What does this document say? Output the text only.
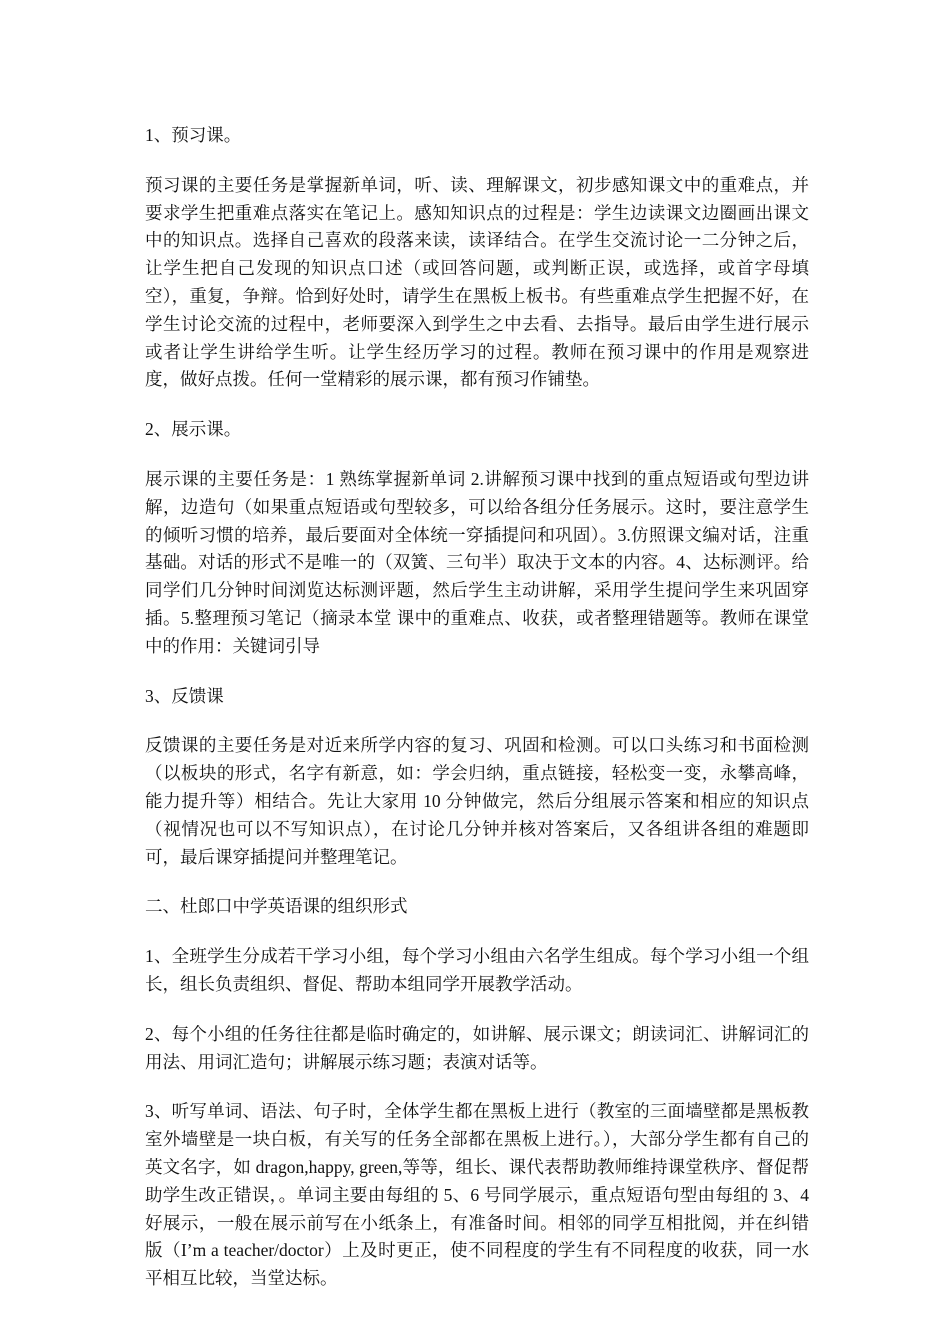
1、预习课。

预习课的主要任务是掌握新单词，听、读、理解课文，初步感知课文中的重难点，并要求学生把重难点落实在笔记上。感知知识点的过程是：学生边读课文边圈画出课文中的知识点。选择自己喜欢的段落来读，读译结合。在学生交流讨论一二分钟之后，让学生把自己发现的知识点口述（或回答问题，或判断正误，或选择，或首字母填空），重复，争辩。恰到好处时，请学生在黑板上板书。有些重难点学生把握不好，在学生讨论交流的过程中，老师要深入到学生之中去看、去指导。最后由学生进行展示或者让学生讲给学生听。让学生经历学习的过程。教师在预习课中的作用是观察进度，做好点拨。任何一堂精彩的展示课，都有预习作铺垫。

2、展示课。

展示课的主要任务是：1 熟练掌握新单词 2.讲解预习课中找到的重点短语或句型边讲解，边造句（如果重点短语或句型较多，可以给各组分任务展示。这时，要注意学生的倾听习惯的培养，最后要面对全体统一穿插提问和巩固）。3.仿照课文编对话，注重基础。对话的形式不是唯一的（双簧、三句半）取决于文本的内容。4、达标测评。给同学们几分钟时间浏览达标测评题，然后学生主动讲解，采用学生提问学生来巩固穿插。5.整理预习笔记（摘录本堂 课中的重难点、收获，或者整理错题等。教师在课堂中的作用：关键词引导

3、反馈课

反馈课的主要任务是对近来所学内容的复习、巩固和检测。可以口头练习和书面检测（以板块的形式，名字有新意，如：学会归纳，重点链接，轻松变一变，永攀高峰，能力提升等）相结合。先让大家用 10 分钟做完，然后分组展示答案和相应的知识点（视情况也可以不写知识点），在讨论几分钟并核对答案后，又各组讲各组的难题即可，最后课穿插提问并整理笔记。

二、杜郎口中学英语课的组织形式

1、全班学生分成若干学习小组，每个学习小组由六名学生组成。每个学习小组一个组长，组长负责组织、督促、帮助本组同学开展教学活动。

2、每个小组的任务往往都是临时确定的，如讲解、展示课文；朗读词汇、讲解词汇的用法、用词汇造句；讲解展示练习题；表演对话等。

3、听写单词、语法、句子时，全体学生都在黑板上进行（教室的三面墙壁都是黑板教室外墙壁是一块白板，有关写的任务全部都在黑板上进行。），大部分学生都有自己的英文名字，如 dragon,happy, green,等等，组长、课代表帮助教师维持课堂秩序、督促帮助学生改正错误，。单词主要由每组的 5、6 号同学展示，重点短语句型由每组的 3、4 好展示，一般在展示前写在小纸条上，有准备时间。相邻的同学互相批阅，并在纠错版（I’m a teacher/doctor）上及时更正，使不同程度的学生有不同程度的收获，同一水平相互比较，当堂达标。
